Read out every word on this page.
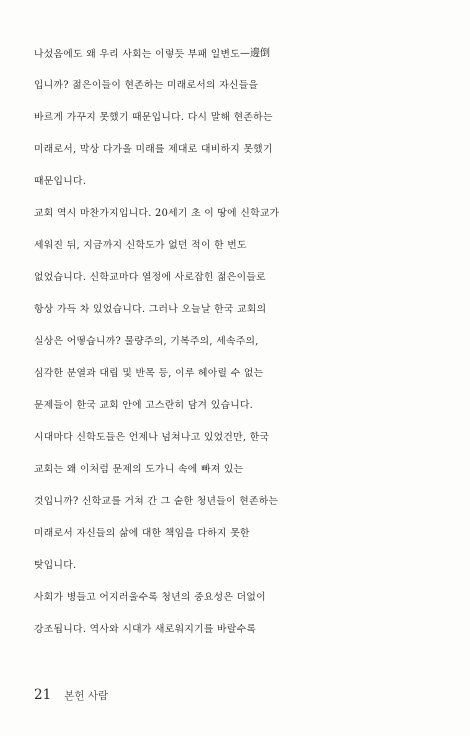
나섰음에도 왜 우리 사회는 이렇듯 부패 일변도—邊倒
입니까? 젊은이들이 현존하는 미래로서의 자신들을
바르게 가꾸지 못했기 때문입니다. 다시 말해 현존하는
미래로서, 막상 다가올 미래를 제대로 대비하지 못했기
때문입니다.
교회 역시 마찬가지입니다. 20세기 초 이 땅에 신학교가
세워진 뒤, 지금까지 신학도가 없던 적이 한 번도
없었습니다. 신학교마다 열정에 사로잡힌 젊은이들로
항상 가득 차 있었습니다. 그러나 오늘날 한국 교회의
실상은 어떻습니까? 물량주의, 기복주의, 세속주의,
심각한 분열과 대립 및 반목 등, 이루 헤아릴 수 없는
문제들이 한국 교회 안에 고스란히 담겨 있습니다.
시대마다 신학도들은 언제나 넘쳐나고 있었건만, 한국
교회는 왜 이처럼 문제의 도가니 속에 빠져 있는
것입니까? 신학교를 거쳐 간 그 숱한 청년들이 현존하는
미래로서 자신들의 삶에 대한 책임을 다하지 못한
탓입니다.
사회가 병들고 어지러울수록 청년의 중요성은 더없이
강조됩니다. 역사와 시대가 새로워지기를 바랄수록
21 본헌 사람
